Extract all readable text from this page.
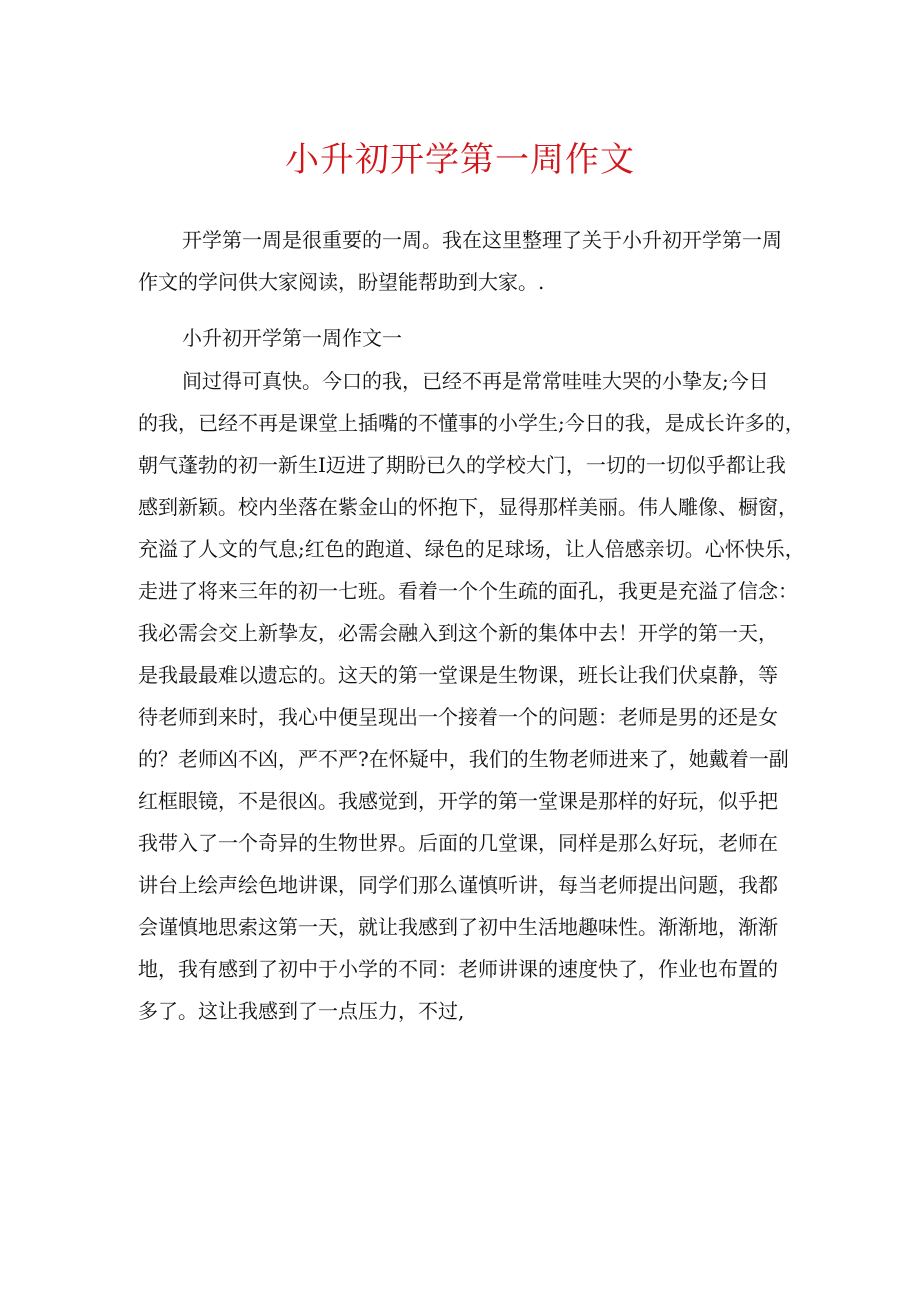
小升初开学第一周作文
开学第一周是很重要的一周。我在这里整理了关于小升初开学第一周
作文的学问供大家阅读，盼望能帮助到大家。.
小升初开学第一周作文一
间过得可真快。今口的我，已经不再是常常哇哇大哭的小挚友;今日
的我，已经不再是课堂上插嘴的不懂事的小学生;今日的我，是成长许多的，
朝气蓬勃的初一新生I迈进了期盼已久的学校大门，一切的一切似乎都让我
感到新颖。校内坐落在紫金山的怀抱下，显得那样美丽。伟人雕像、橱窗，
充溢了人文的气息;红色的跑道、绿色的足球场，让人倍感亲切。心怀快乐，
走进了将来三年的初一七班。看着一个个生疏的面孔，我更是充溢了信念：
我必需会交上新挚友，必需会融入到这个新的集体中去！开学的第一天，
是我最最难以遗忘的。这天的第一堂课是生物课，班长让我们伏桌静，等
待老师到来时，我心中便呈现出一个接着一个的问题：老师是男的还是女
的？老师凶不凶，严不严?在怀疑中，我们的生物老师进来了，她戴着一副
红框眼镜，不是很凶。我感觉到，开学的第一堂课是那样的好玩，似乎把
我带入了一个奇异的生物世界。后面的几堂课，同样是那么好玩，老师在
讲台上绘声绘色地讲课，同学们那么谨慎听讲，每当老师提出问题，我都
会谨慎地思索这第一天，就让我感到了初中生活地趣味性。渐渐地，渐渐
地，我有感到了初中于小学的不同：老师讲课的速度快了，作业也布置的
多了。这让我感到了一点压力，不过,
